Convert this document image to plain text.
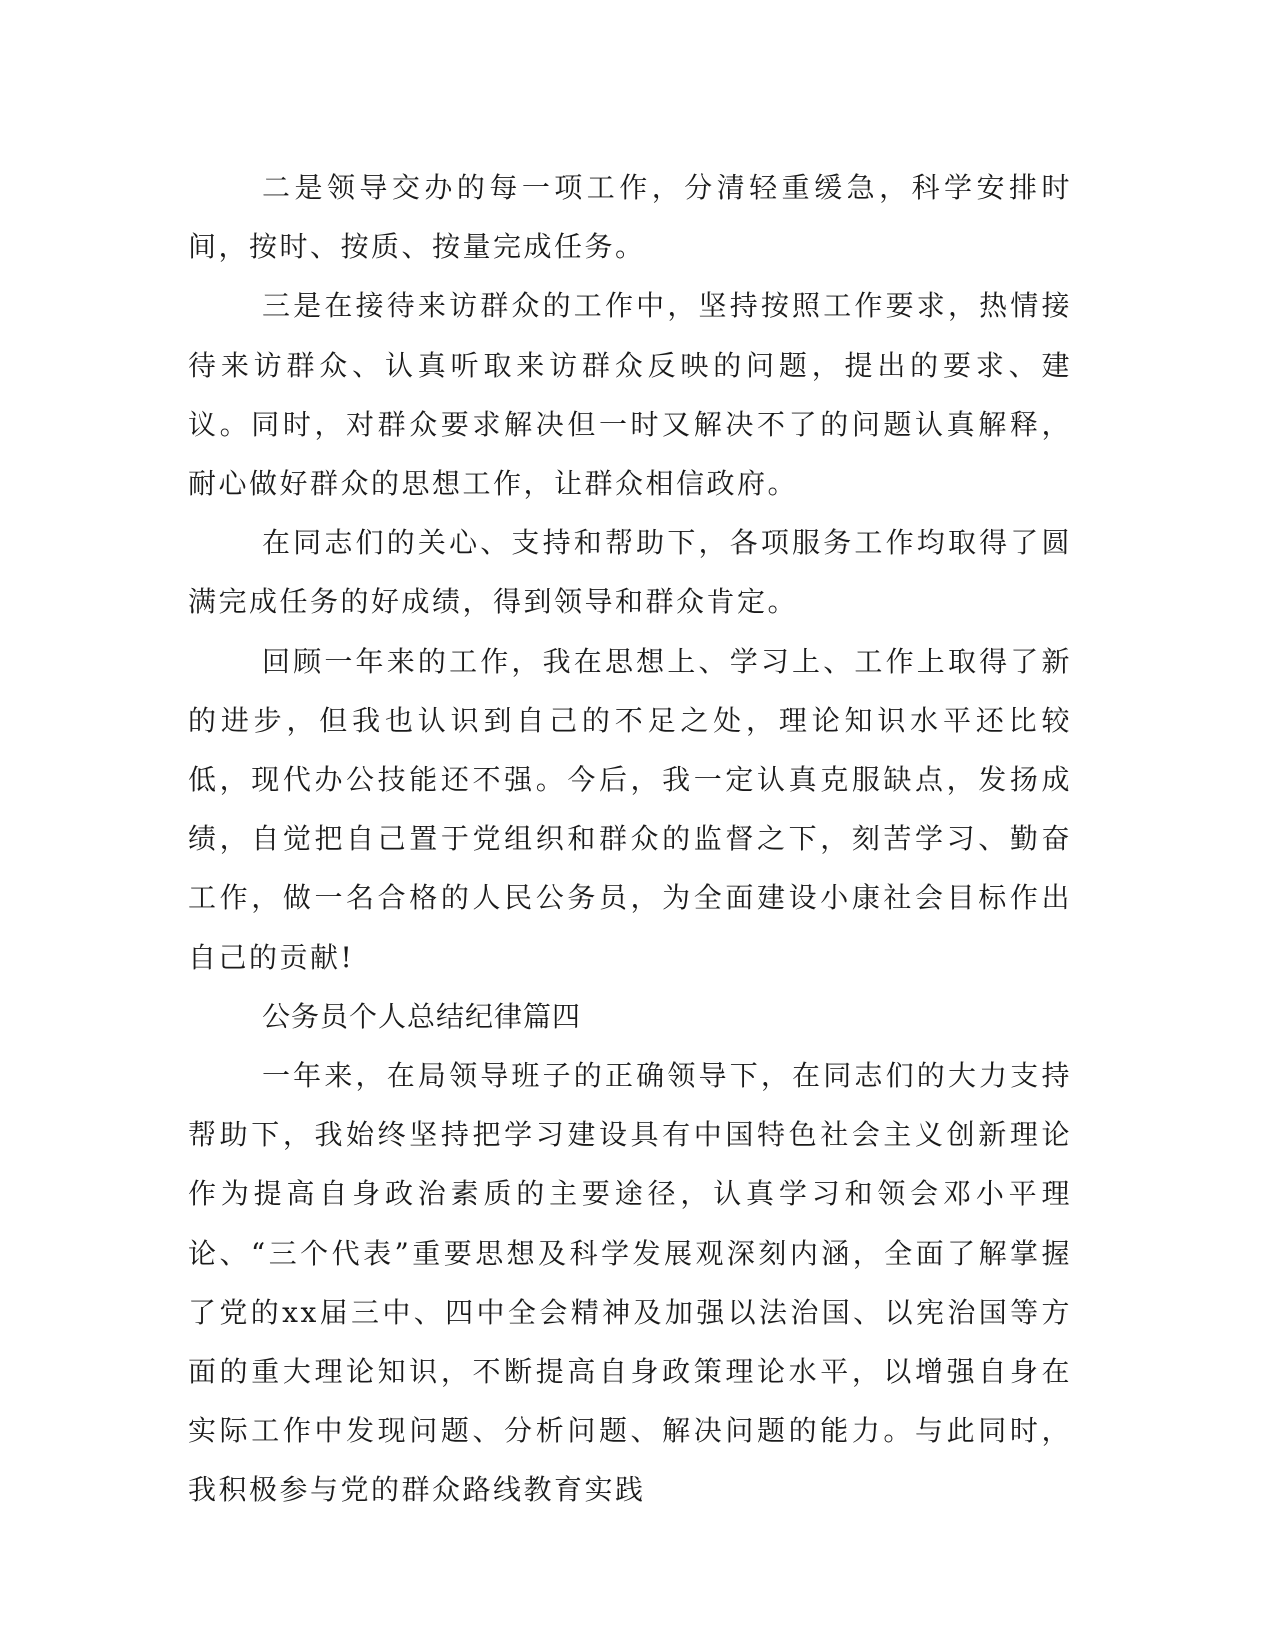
二是领导交办的每一项工作，分清轻重缓急，科学安排时间，按时、按质、按量完成任务。

三是在接待来访群众的工作中，坚持按照工作要求，热情接待来访群众、认真听取来访群众反映的问题，提出的要求、建议。同时，对群众要求解决但一时又解决不了的问题认真解释，耐心做好群众的思想工作，让群众相信政府。

在同志们的关心、支持和帮助下，各项服务工作均取得了圆满完成任务的好成绩，得到领导和群众肯定。

回顾一年来的工作，我在思想上、学习上、工作上取得了新的进步，但我也认识到自己的不足之处，理论知识水平还比较低，现代办公技能还不强。今后，我一定认真克服缺点，发扬成绩，自觉把自己置于党组织和群众的监督之下，刻苦学习、勤奋工作，做一名合格的人民公务员，为全面建设小康社会目标作出自己的贡献!

公务员个人总结纪律篇四

一年来，在局领导班子的正确领导下，在同志们的大力支持帮助下，我始终坚持把学习建设具有中国特色社会主义创新理论作为提高自身政治素质的主要途径，认真学习和领会邓小平理论、“三个代表”重要思想及科学发展观深刻内涵，全面了解掌握了党的xx届三中、四中全会精神及加强以法治国、以宪治国等方面的重大理论知识，不断提高自身政策理论水平，以增强自身在实际工作中发现问题、分析问题、解决问题的能力。与此同时，我积极参与党的群众路线教育实践
